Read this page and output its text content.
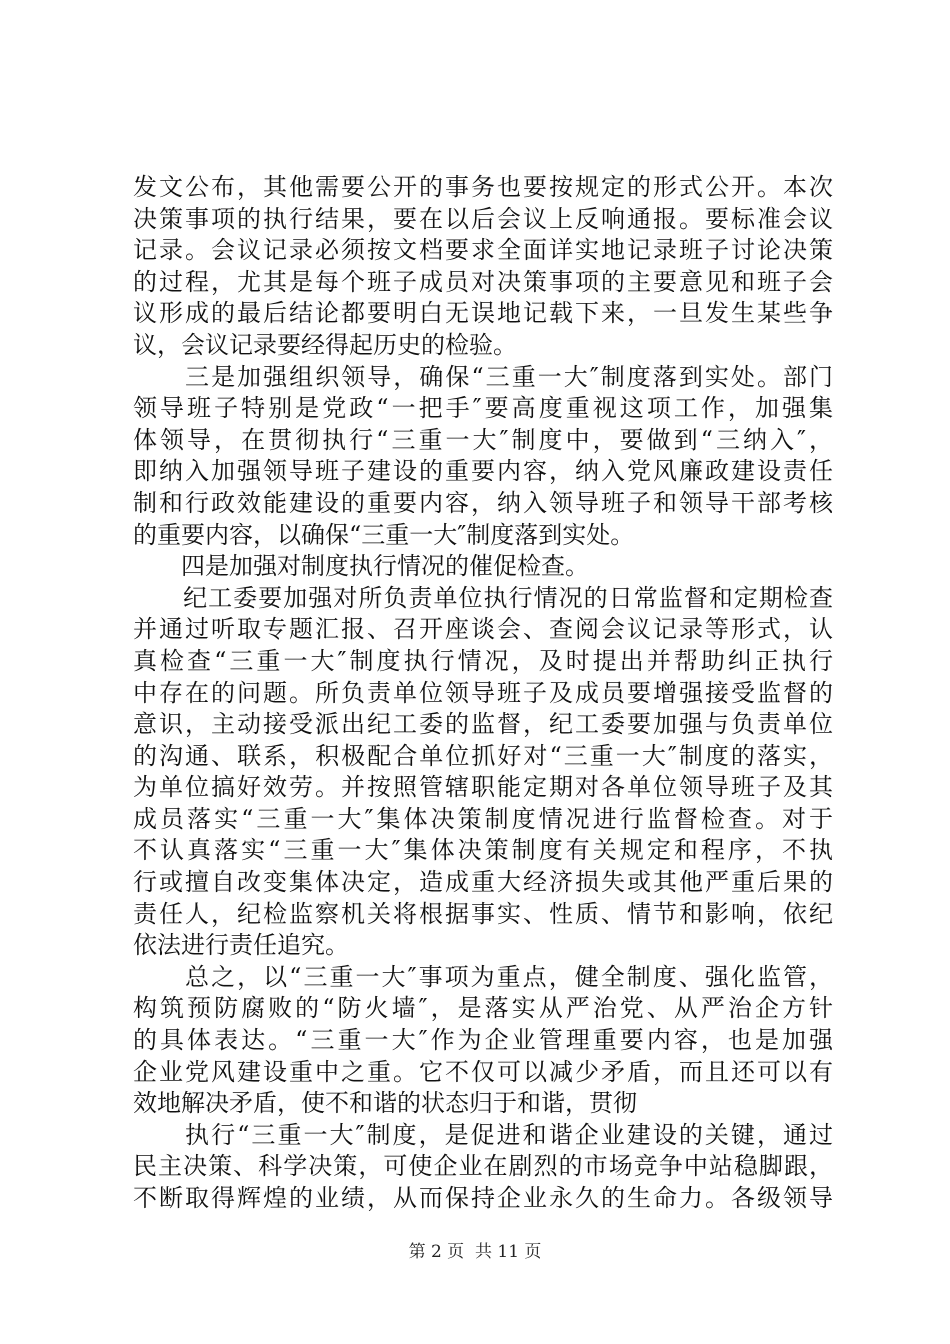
发文公布，其他需要公开的事务也要按规定的形式公开。本次
决策事项的执行结果，要在以后会议上反响通报。要标准会议
记录。会议记录必须按文档要求全面详实地记录班子讨论决策
的过程，尤其是每个班子成员对决策事项的主要意见和班子会
议形成的最后结论都要明白无误地记载下来，一旦发生某些争
议，会议记录要经得起历史的检验。
　　三是加强组织领导，确保“三重一大″制度落到实处。部门
领导班子特别是党政“一把手″要高度重视这项工作，加强集
体领导，在贯彻执行“三重一大″制度中，要做到“三纳入″，
即纳入加强领导班子建设的重要内容，纳入党风廉政建设责任
制和行政效能建设的重要内容，纳入领导班子和领导干部考核
的重要内容，以确保“三重一大″制度落到实处。
　　四是加强对制度执行情况的催促检查。
　　纪工委要加强对所负责单位执行情况的日常监督和定期检查
并通过听取专题汇报、召开座谈会、查阅会议记录等形式，认
真检查“三重一大″制度执行情况，及时提出并帮助纠正执行
中存在的问题。所负责单位领导班子及成员要增强接受监督的
意识，主动接受派出纪工委的监督，纪工委要加强与负责单位
的沟通、联系，积极配合单位抓好对“三重一大″制度的落实，
为单位搞好效劳。并按照管辖职能定期对各单位领导班子及其
成员落实“三重一大″集体决策制度情况进行监督检查。对于
不认真落实“三重一大″集体决策制度有关规定和程序，不执
行或擅自改变集体决定，造成重大经济损失或其他严重后果的
责任人，纪检监察机关将根据事实、性质、情节和影响，依纪
依法进行责任追究。
　　总之，以“三重一大″事项为重点，健全制度、强化监管，
构筑预防腐败的“防火墙″，是落实从严治党、从严治企方针
的具体表达。“三重一大″作为企业管理重要内容，也是加强
企业党风建设重中之重。它不仅可以减少矛盾，而且还可以有
效地解决矛盾，使不和谐的状态归于和谐，贯彻
　　执行“三重一大″制度，是促进和谐企业建设的关键，通过
民主决策、科学决策，可使企业在剧烈的市场竞争中站稳脚跟，
不断取得辉煌的业绩，从而保持企业永久的生命力。各级领导
第 2 页  共 11 页
